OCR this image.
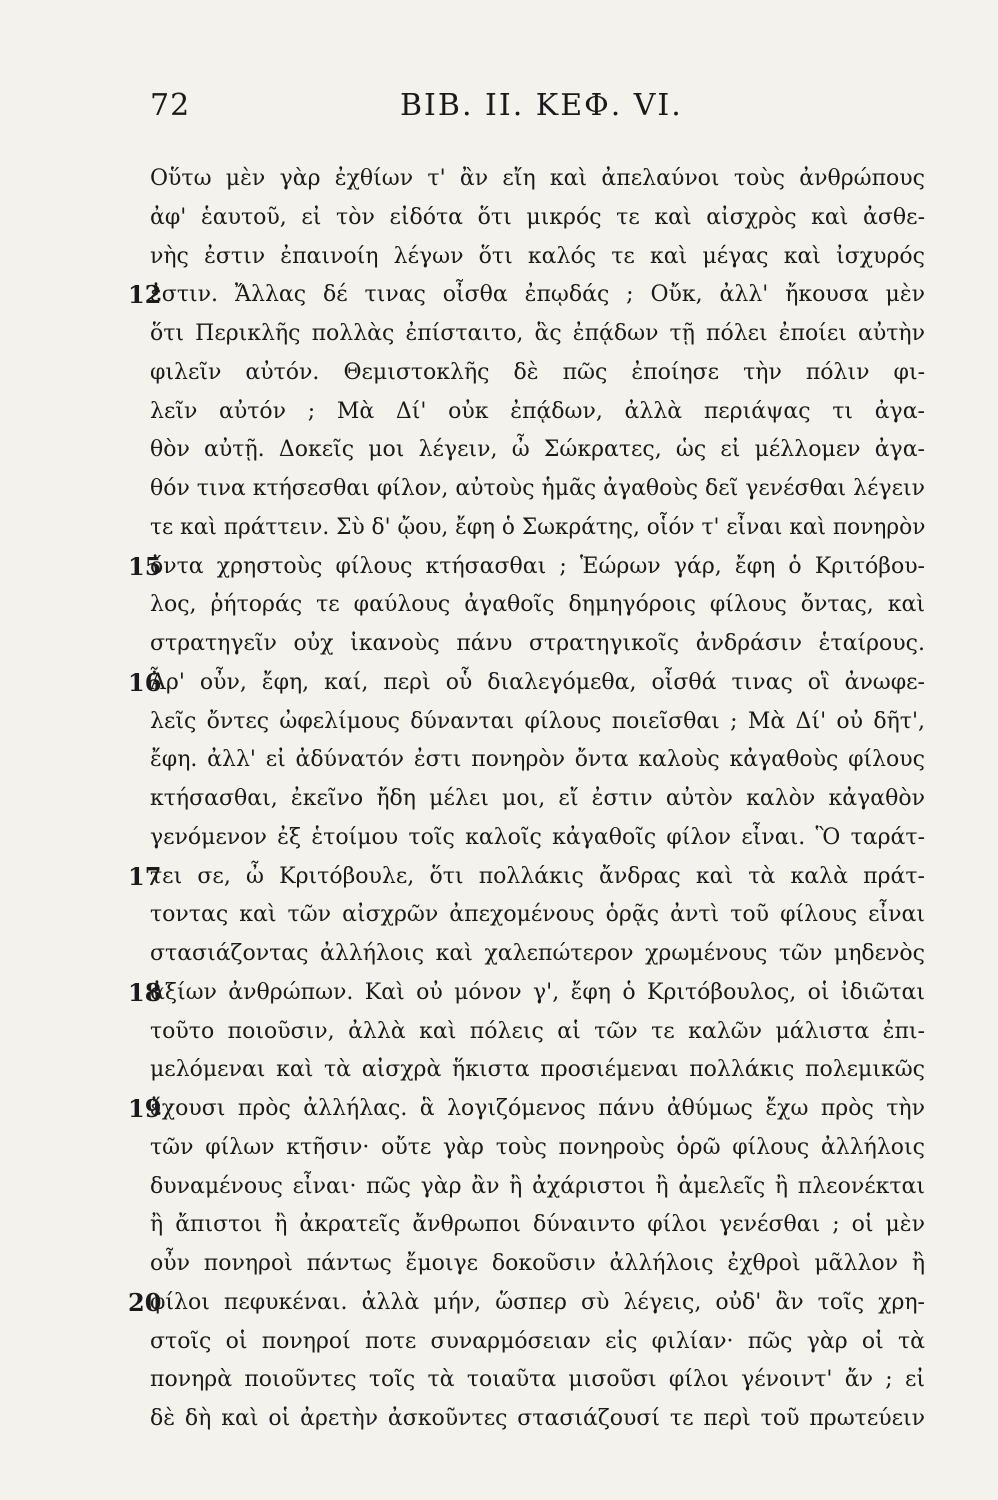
72	BIB. II. ΚΕΦ. VI.
Οὕτω μὲν γὰρ ἐχθίων τ' ἂν εἴη καὶ ἀπελαύνοι τοὺς ἀνθρώπους
ἀφ' ἑαυτοῦ, εἰ τὸν εἰδότα ὅτι μικρός τε καὶ αἰσχρὸς καὶ ἀσθε-
νὴς ἐστιν ἐπαινοίη λέγων ὅτι καλός τε καὶ μέγας καὶ ἰσχυρός
12
ἐστιν. Ἄλλας δέ τινας οἶσθα ἐπῳδάς ; Οὔκ, ἀλλ' ἤκουσα μὲν
ὅτι Περικλῆς πολλὰς ἐπίσταιτο, ἃς ἐπᾴδων τῇ πόλει ἐποίει αὐτὴν
φιλεῖν αὐτόν. Θεμιστοκλῆς δὲ πῶς ἐποίησε τὴν πόλιν φι-
λεῖν αὐτόν ; Μὰ Δί' οὐκ ἐπᾴδων, ἀλλὰ περιάψας τι ἀγα-
θὸν αὐτῇ. Δοκεῖς μοι λέγειν, ὦ Σώκρατες, ὡς εἰ μέλλομεν ἀγα-
θόν τινα κτήσεσθαι φίλον, αὐτοὺς ἡμᾶς ἀγαθοὺς δεῖ γενέσθαι λέγειν
τε καὶ πράττειν. Σὺ δ' ᾤου, ἔφη ὁ Σωκράτης, οἷόν τ' εἶναι καὶ πονηρὸν
15
ὄντα χρηστοὺς φίλους κτήσασθαι ; Ἑώρων γάρ, ἔφη ὁ Κριτόβου-
λος, ῥήτοράς τε φαύλους ἀγαθοῖς δημηγόροις φίλους ὄντας, καὶ
στρατηγεῖν οὐχ ἱκανοὺς πάνυ στρατηγικοῖς ἀνδράσιν ἑταίρους.
16
Ἆρ' οὖν, ἔφη, καί, περὶ οὗ διαλεγόμεθα, οἶσθά τινας οἳ ἀνωφε-
λεῖς ὄντες ὠφελίμους δύνανται φίλους ποιεῖσθαι ; Μὰ Δί' οὐ δῆτ',
ἔφη. ἀλλ' εἰ ἀδύνατόν ἐστι πονηρὸν ὄντα καλοὺς κἀγαθοὺς φίλους
κτήσασθαι, ἐκεῖνο ἤδη μέλει μοι, εἴ ἐστιν αὐτὸν καλὸν κἀγαθὸν
γενόμενον ἐξ ἑτοίμου τοῖς καλοῖς κἀγαθοῖς φίλον εἶναι. Ὃ ταράτ-
17
τει σε, ὦ Κριτόβουλε, ὅτι πολλάκις ἄνδρας καὶ τὰ καλὰ πράτ-
τοντας καὶ τῶν αἰσχρῶν ἀπεχομένους ὁρᾷς ἀντὶ τοῦ φίλους εἶναι
στασιάζοντας ἀλλήλοις καὶ χαλεπώτερον χρωμένους τῶν μηδενὸς
18
ἀξίων ἀνθρώπων. Καὶ οὐ μόνον γ', ἔφη ὁ Κριτόβουλος, οἱ ἰδιῶται
τοῦτο ποιοῦσιν, ἀλλὰ καὶ πόλεις αἱ τῶν τε καλῶν μάλιστα ἐπι-
μελόμεναι καὶ τὰ αἰσχρὰ ἥκιστα προσιέμεναι πολλάκις πολεμικῶς
19
ἔχουσι πρὸς ἀλλήλας. ἃ λογιζόμενος πάνυ ἀθύμως ἔχω πρὸς τὴν
τῶν φίλων κτῆσιν· οὔτε γὰρ τοὺς πονηροὺς ὁρῶ φίλους ἀλλήλοις
δυναμένους εἶναι· πῶς γὰρ ἂν ἢ ἀχάριστοι ἢ ἀμελεῖς ἢ πλεονέκται
ἢ ἄπιστοι ἢ ἀκρατεῖς ἄνθρωποι δύναιντο φίλοι γενέσθαι ; οἱ μὲν
οὖν πονηροὶ πάντως ἔμοιγε δοκοῦσιν ἀλλήλοις ἐχθροὶ μᾶλλον ἢ
20
φίλοι πεφυκέναι. ἀλλὰ μήν, ὥσπερ σὺ λέγεις, οὐδ' ἂν τοῖς χρη-
στοῖς οἱ πονηροί ποτε συναρμόσειαν εἰς φιλίαν· πῶς γὰρ οἱ τὰ
πονηρὰ ποιοῦντες τοῖς τὰ τοιαῦτα μισοῦσι φίλοι γένοιντ' ἄν ; εἰ
δὲ δὴ καὶ οἱ ἀρετὴν ἀσκοῦντες στασιάζουσί τε περὶ τοῦ πρωτεύειν
